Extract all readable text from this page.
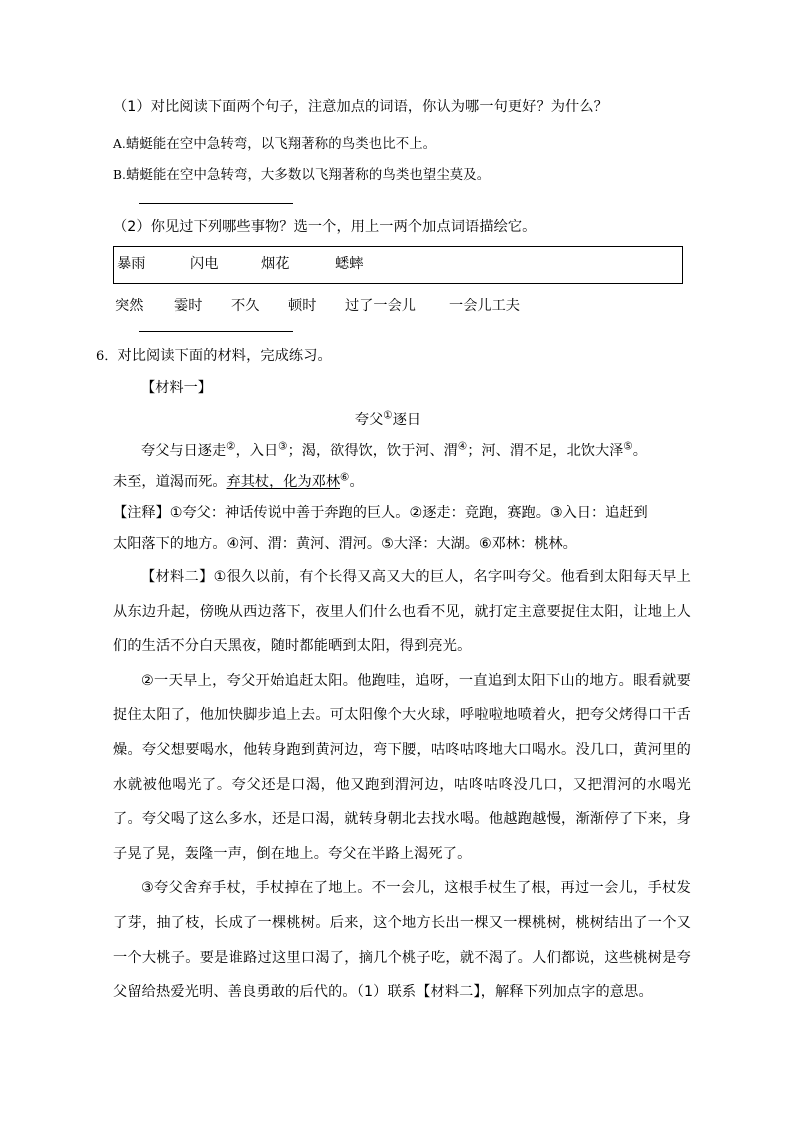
（1）对比阅读下面两个句子，注意加点的词语，你认为哪一句更好？为什么？
A.蜻蜓能在空中急转弯，以飞翔著称的鸟类也比不上。
B.蜻蜓能在空中急转弯，大多数以飞翔著称的鸟类也望尘莫及。
（2）你见过下列哪些事物？选一个，用上一两个加点词语描绘它。
暴雨	闪电	烟花	蟋蟀
突然 霎时 不久 顿时 过了一会儿 一会儿工夫
6．对比阅读下面的材料，完成练习。
【材料一】
夸父①逐日
夸父与日逐走②，入日③；渴，欲得饮，饮于河、渭④；河、渭不足，北饮大泽⑤。
未至，道渴而死。弃其杖，化为邓林⑥。
【注释】①夸父：神话传说中善于奔跑的巨人。②逐走：竞跑，赛跑。③入日：追赶到
太阳落下的地方。④河、渭：黄河、渭河。⑤大泽：大湖。⑥邓林：桃林。
【材料二】①很久以前，有个长得又高又大的巨人，名字叫夸父。他看到太阳每天早上从东边升起，傍晚从西边落下，夜里人们什么也看不见，就打定主意要捉住太阳，让地上人们的生活不分白天黑夜，随时都能晒到太阳，得到亮光。
②一天早上，夸父开始追赶太阳。他跑哇，追呀，一直追到太阳下山的地方。眼看就要捉住太阳了，他加快脚步追上去。可太阳像个大火球，呼啦啦地喷着火，把夸父烤得口干舌燥。夸父想要喝水，他转身跑到黄河边，弯下腰，咕咚咕咚地大口喝水。没几口，黄河里的水就被他喝光了。夸父还是口渴，他又跑到渭河边，咕咚咕咚没几口，又把渭河的水喝光了。夸父喝了这么多水，还是口渴，就转身朝北去找水喝。他越跑越慢，渐渐停了下来，身子晃了晃，轰隆一声，倒在地上。夸父在半路上渴死了。
③夸父舍弃手杖，手杖掉在了地上。不一会儿，这根手杖生了根，再过一会儿，手杖发了芽，抽了枝，长成了一棵桃树。后来，这个地方长出一棵又一棵桃树，桃树结出了一个又一个大桃子。要是谁路过这里口渴了，摘几个桃子吃，就不渴了。人们都说，这些桃树是夸父留给热爱光明、善良勇敢的后代的。（1）联系【材料二】，解释下列加点字的意思。
